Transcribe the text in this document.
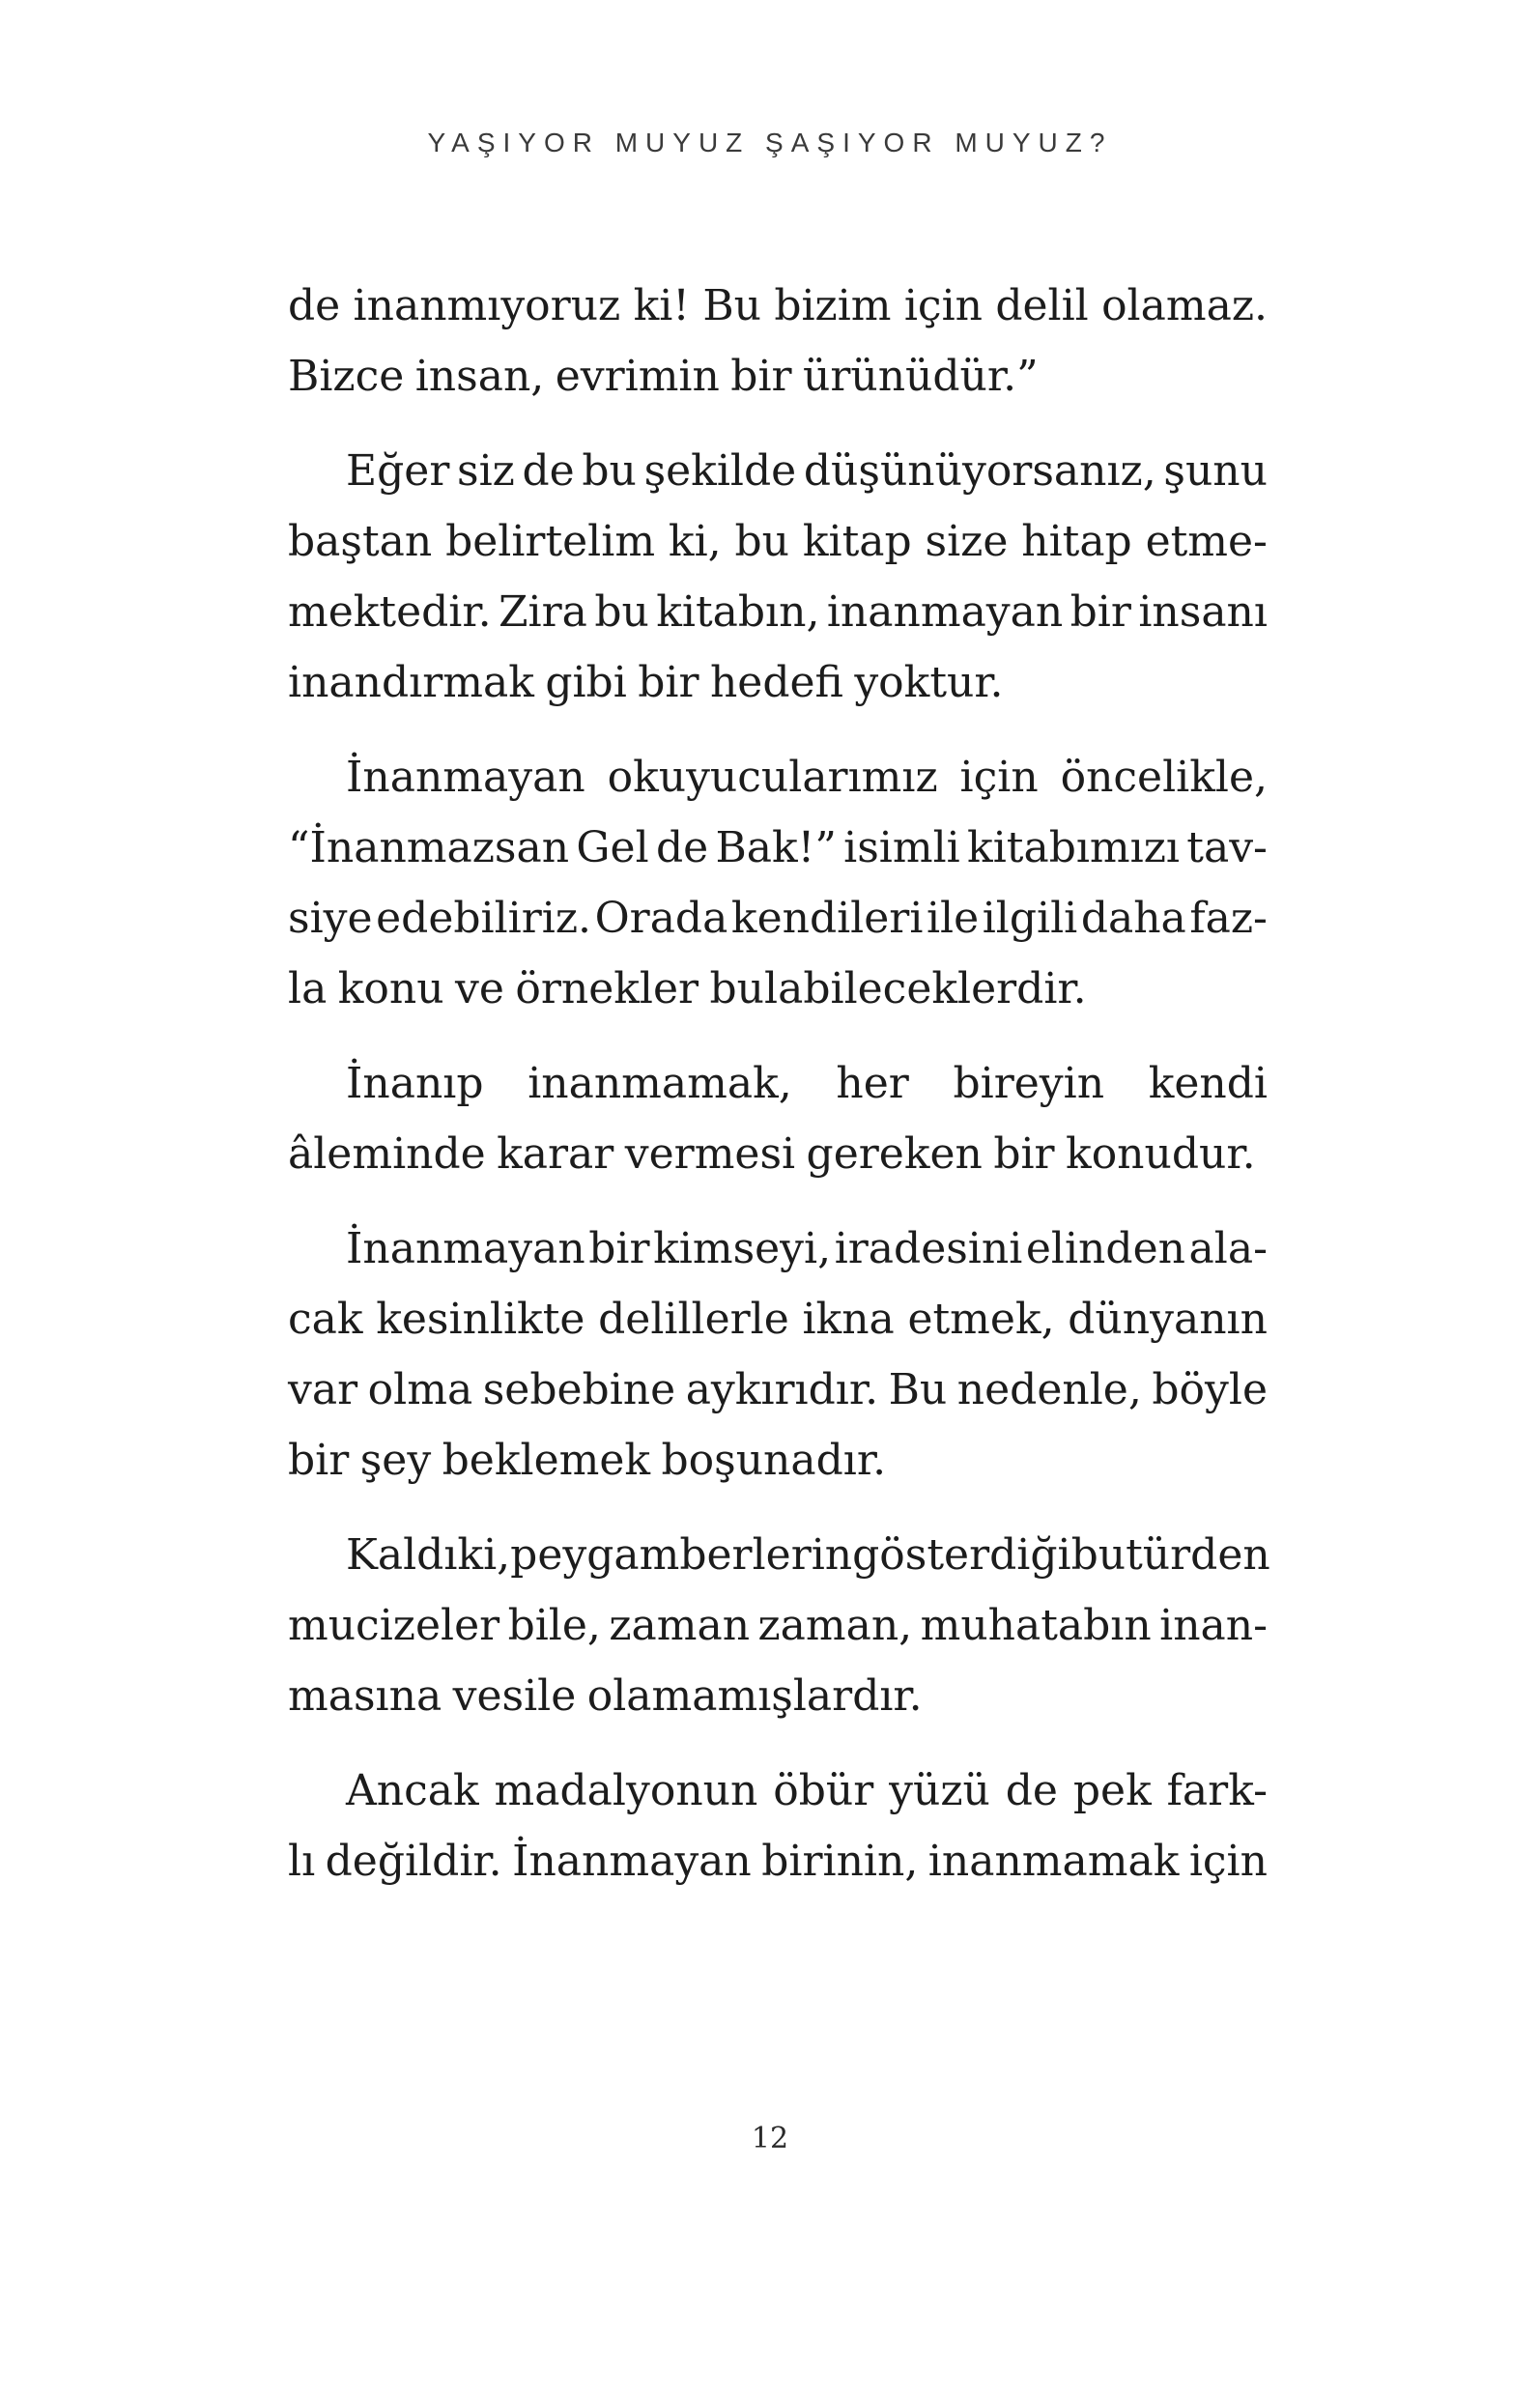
YAŞIYOR MUYUZ ŞAŞIYOR MUYUZ?
de inanmıyoruz ki! Bu bizim için delil olamaz.
Bizce insan, evrimin bir ürünüdür.”
Eğer siz de bu şekilde düşünüyorsanız, şunu
baştan belirtelim ki, bu kitap size hitap etme-
mektedir. Zira bu kitabın, inanmayan bir insanı
inandırmak gibi bir hedefi yoktur.
İnanmayan okuyucularımız için öncelikle,
“İnanmazsan Gel de Bak!” isimli kitabımızı tav-
siye edebiliriz. Orada kendileri ile ilgili daha faz-
la konu ve örnekler bulabileceklerdir.
İnanıp inanmamak, her bireyin kendi
âleminde karar vermesi gereken bir konudur.
İnanmayan bir kimseyi, iradesini elinden ala-
cak kesinlikte delillerle ikna etmek, dünyanın
var olma sebebine aykırıdır. Bu nedenle, böyle
bir şey beklemek boşunadır.
Kaldı ki, peygamberlerin gösterdiği bu türden
mucizeler bile, zaman zaman, muhatabın inan-
masına vesile olamamışlardır.
Ancak madalyonun öbür yüzü de pek fark-
lı değildir. İnanmayan birinin, inanmamak için
12
